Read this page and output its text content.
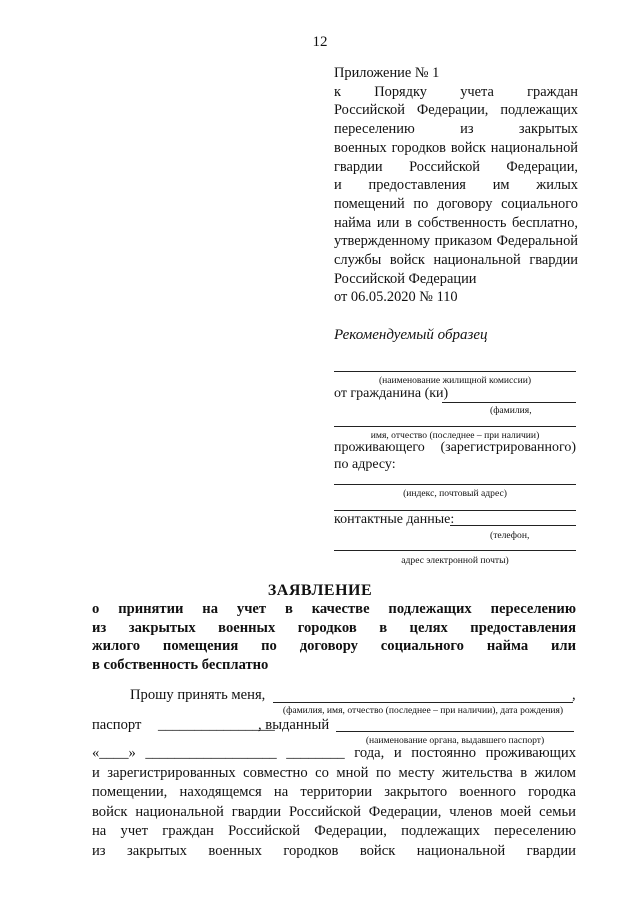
12
Приложение № 1
к Порядку учета граждан
Российской Федерации, подлежащих
переселению из закрытых
военных городков войск национальной
гвардии Российской Федерации,
и предоставления им жилых
помещений по договору социального
найма или в собственность бесплатно,
утвержденному приказом Федеральной
службы войск национальной гвардии
Российской Федерации
от 06.05.2020 № 110
Рекомендуемый образец
(наименование жилищной комиссии)
от гражданина (ки)
(фамилия,
имя, отчество (последнее – при наличии)
проживающего (зарегистрированного)
по адресу:
(индекс, почтовый адрес)
контактные данные:
(телефон,
адрес электронной почты)
ЗАЯВЛЕНИЕ
о принятии на учет в качестве подлежащих переселению
из закрытых военных городков в целях предоставления
жилого помещения по договору социального найма или
в собственность бесплатно
Прошу принять меня,	,
(фамилия, имя, отчество (последнее – при наличии), дата рождения)
паспорт ________________
, выданный
(наименование органа, выдавшего паспорт)
«____» __________________ ________ года, и постоянно проживающих
и зарегистрированных совместно со мной по месту жительства в жилом
помещении, находящемся на территории закрытого военного городка
войск национальной гвардии Российской Федерации, членов моей семьи
на учет граждан Российской Федерации, подлежащих переселению
из закрытых военных городков войск национальной гвардии
